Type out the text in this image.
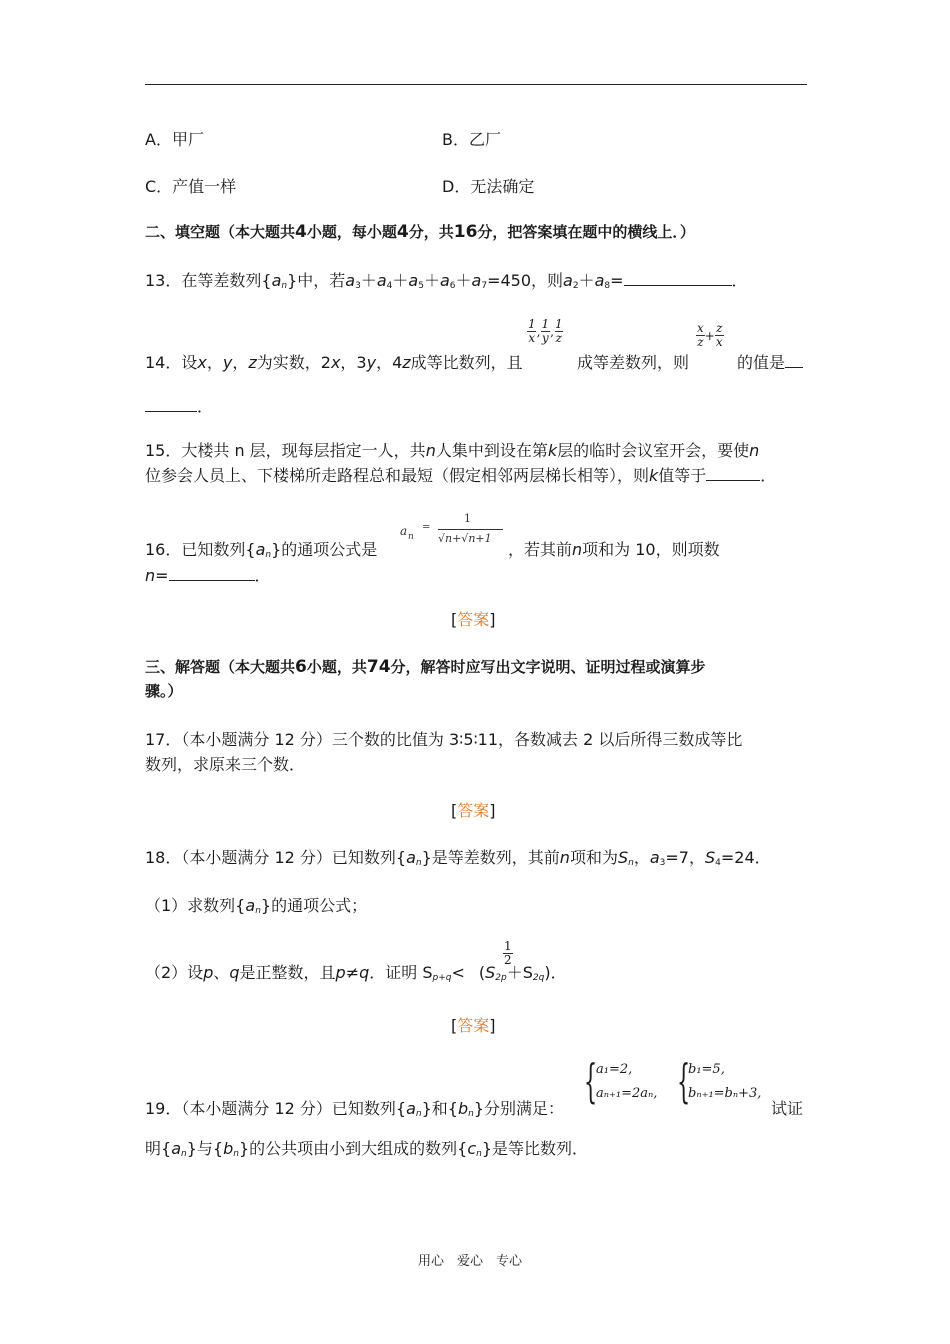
A．甲厂	B．乙厂
C．产值一样	D．无法确定
二、填空题（本大题共4小题，每小题4分，共16分，把答案填在题中的横线上．）
13．在等差数列$\{a_n\}$中，若$a_3+a_4+a_5+a_6+a_7=450$，则$a_2+a_8=$	．
14．设x，y，z为实数，2x，3y，4z成等比数列，且
$\frac{1}{x}$ , $\frac{1}{y}$ , $\frac{1}{z}$
成等差数列，则
$\frac{x}{z} + \frac{z}{x}$
的值是
．
15．大楼共 n 层，现每层指定一人，共n人集中到设在第k层的临时会议室开会，要使n
位参会人员上、下楼梯所走路程总和最短（假定相邻两层梯长相等），则k值等于	．
16．已知数列$\{a_n\}$的通项公式是
a n
=
1
√n+√n+1
，若其前n项和为 10，则项数
n=	．
[答案]
三、解答题（本大题共6小题，共74分，解答时应写出文字说明、证明过程或演算步
骤。）
17．（本小题满分 12 分）三个数的比值为 3∶5∶11，各数减去 2 以后所得三数成等比
数列，求原来三个数．
[答案]
18．（本小题满分 12 分）已知数列$\{a_n\}$是等差数列，其前n项和为$S_n$，$a_3=7$，$S_4=24$．
（1）求数列$\{a_n\}$的通项公式；
（2）设p、q是正整数，且p≠q．证明 $S_{p+q}< (S_{2p}+S_{2q})$．
$\frac{1}{2}$
[答案]
19．（本小题满分 12 分）已知数列$\{a_n\}$和$\{b_n\}$分别满足：
{
a₁=2,
aₙ₊₁=2aₙ, {
b₁=5,
bₙ₊₁=bₙ+3,
试证
明$\{a_n\}$与$\{b_n\}$的公共项由小到大组成的数列$\{c_n\}$是等比数列．
用心　爱心　专心
